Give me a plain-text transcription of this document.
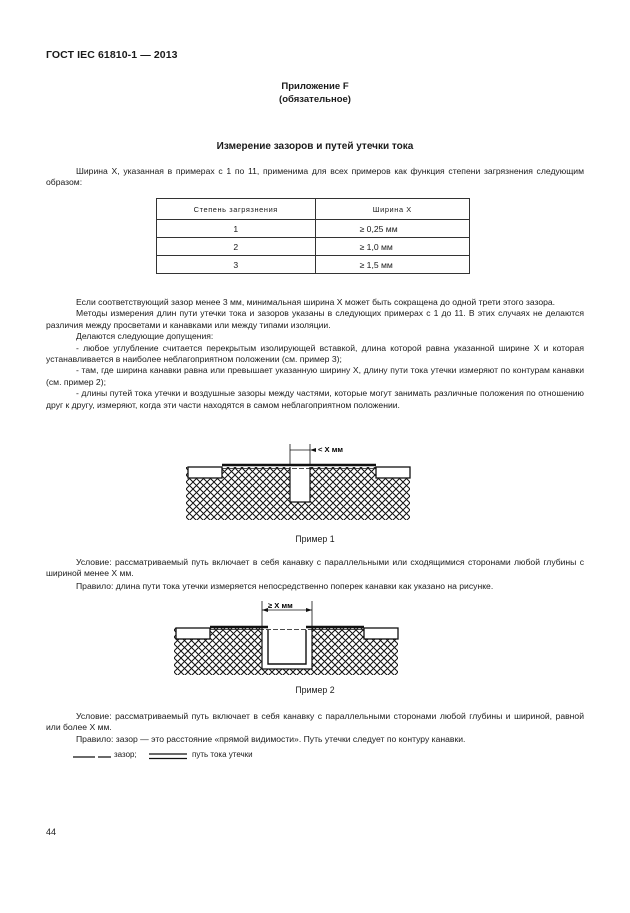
ГОСТ IEC 61810-1 — 2013
Приложение F
(обязательное)
Измерение зазоров и путей утечки тока
Ширина X, указанная в примерах с 1 по 11, применима для всех примеров как функция степени загрязнения следующим образом:
Степень загрязнения	Ширина X
1	≥ 0,25 мм
2	≥ 1,0 мм
3	≥ 1,5 мм
Если соответствующий зазор менее 3 мм, минимальная ширина X может быть сокращена до одной трети этого зазора.
Методы измерения длин пути утечки тока и зазоров указаны в следующих примерах с 1 до 11. В этих случаях не делаются различия между просветами и канавками или между типами изоляции.
Делаются следующие допущения:
- любое углубление считается перекрытым изолирующей вставкой, длина которой равна указанной ширине X и которая устанавливается в наиболее неблагоприятном положении (см. пример 3);
- там, где ширина канавки равна или превышает указанную ширину X, длину пути тока утечки измеряют по контурам канавки (см. пример 2);
- длины путей тока утечки и воздушные зазоры между частями, которые могут занимать различные положения по отношению друг к другу, измеряют, когда эти части находятся в самом неблагоприятном положении.
< X мм
Пример 1
Условие: рассматриваемый путь включает в себя канавку с параллельными или сходящимися сторонами любой глубины с шириной менее X мм.
Правило: длина пути тока утечки измеряется непосредственно поперек канавки как указано на рисунке.
≥ X мм
Пример 2
Условие: рассматриваемый путь включает в себя канавку с параллельными сторонами любой глубины и шириной, равной или более X мм.
Правило: зазор — это расстояние «прямой видимости». Путь утечки следует по контуру канавки.
зазор;	путь тока утечки
44
